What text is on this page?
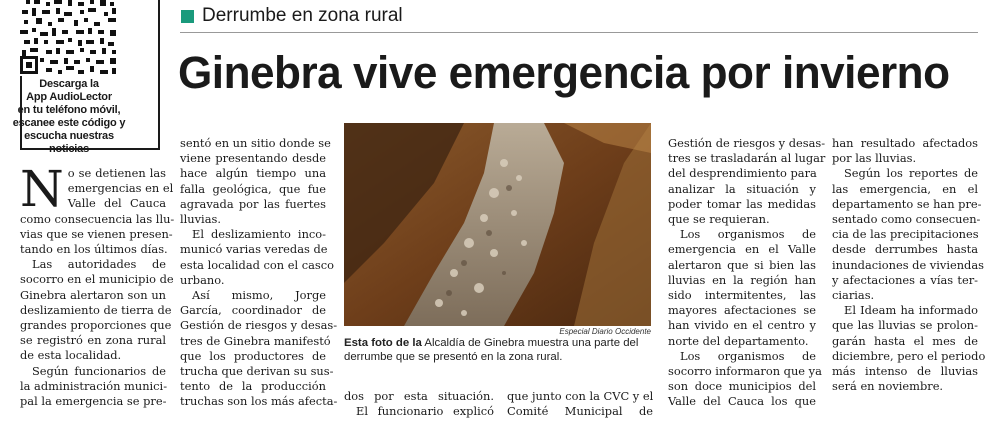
Descarga la
App AudioLector
en tu teléfono móvil,
escanee este código y
escucha nuestras noticias
Derrumbe en zona rural
Ginebra vive emergencia por invierno
N o se detienen las
emergencias en el
Valle del Cauca
como consecuencia las llu-
vias que se vienen presen-
tando en los últimos días.
Las autoridades de
socorro en el municipio de
Ginebra alertaron son un
deslizamiento de tierra de
grandes proporciones que
se registró en zona rural
de esta localidad.
Según funcionarios de
la administración munici-
pal la emergencia se pre-
sentó en un sitio donde se
viene presentando desde
hace algún tiempo una
falla geológica, que fue
agravada por las fuertes
lluvias.
El deslizamiento inco-
municó varias veredas de
esta localidad con el casco
urbano.
Así mismo, Jorge
García, coordinador de
Gestión de riesgos y desas-
tres de Ginebra manifestó
que los productores de
trucha que derivan su sus-
tento de la producción
truchas son los más afecta-
Especial Diario Occidente
Esta foto de la Alcaldía de Ginebra muestra una parte del derrumbe que se presentó en la zona rural.
dos por esta situación.
El funcionario explicó
que junto con la CVC y el
Comité Municipal de
Gestión de riesgos y desas-
tres se trasladarán al lugar
del desprendimiento para
analizar la situación y
poder tomar las medidas
que se requieran.
Los organismos de
emergencia en el Valle
alertaron que si bien las
lluvias en la región han
sido intermitentes, las
mayores afectaciones se
han vivido en el centro y
norte del departamento.
Los organismos de
socorro informaron que ya
son doce municipios del
Valle del Cauca los que
han resultado afectados
por las lluvias.
Según los reportes de
las emergencia, en el
departamento se han pre-
sentado como consecuen-
cia de las precipitaciones
desde derrumbes hasta
inundaciones de viviendas
y afectaciones a vías ter-
ciarias.
El Ideam ha informado
que las lluvias se prolon-
garán hasta el mes de
diciembre, pero el periodo
más intenso de lluvias
será en noviembre.
